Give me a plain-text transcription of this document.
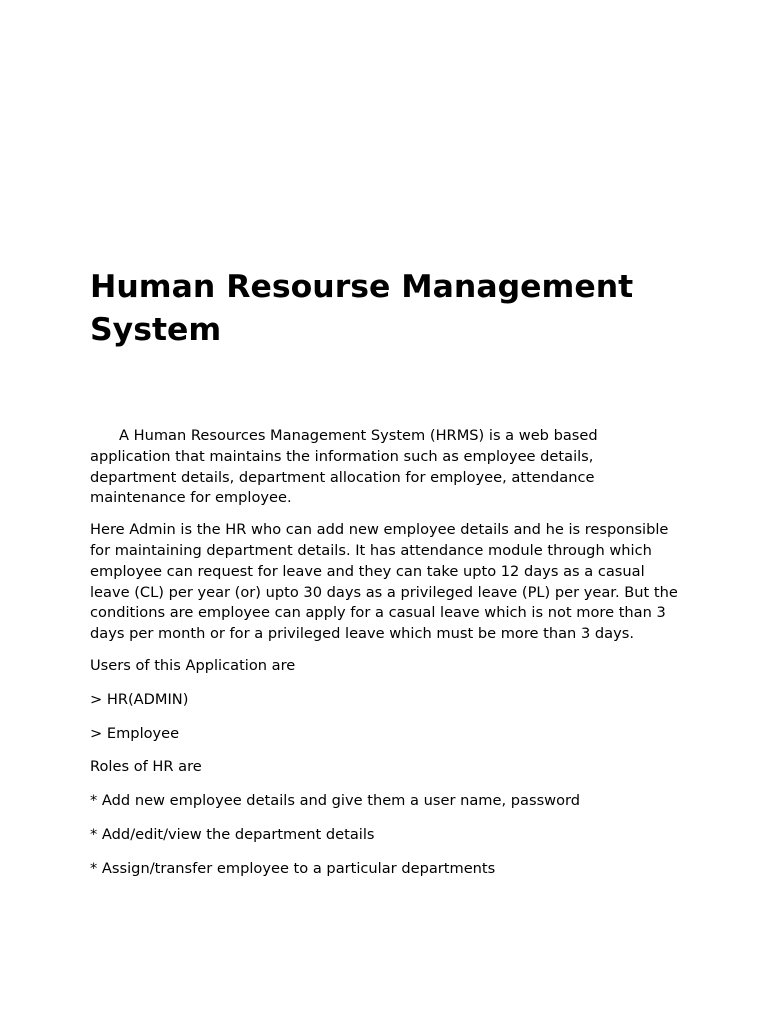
Human Resourse Management System

A Human Resources Management System (HRMS) is a web based application that maintains the information such as employee details, department details, department allocation for employee, attendance maintenance for employee.

Here Admin is the HR who can add new employee details and he is responsible for maintaining department details. It has attendance module through which employee can request for leave and they can take upto 12 days as a casual leave (CL) per year (or) upto 30 days as a privileged leave (PL) per year. But the conditions are employee can apply for a casual leave which is not more than 3 days per month or for a privileged leave which must be more than 3 days.

Users of this Application are

> HR(ADMIN)

> Employee

Roles of HR are

* Add new employee details and give them a user name, password

* Add/edit/view the department details

* Assign/transfer employee to a particular departments
